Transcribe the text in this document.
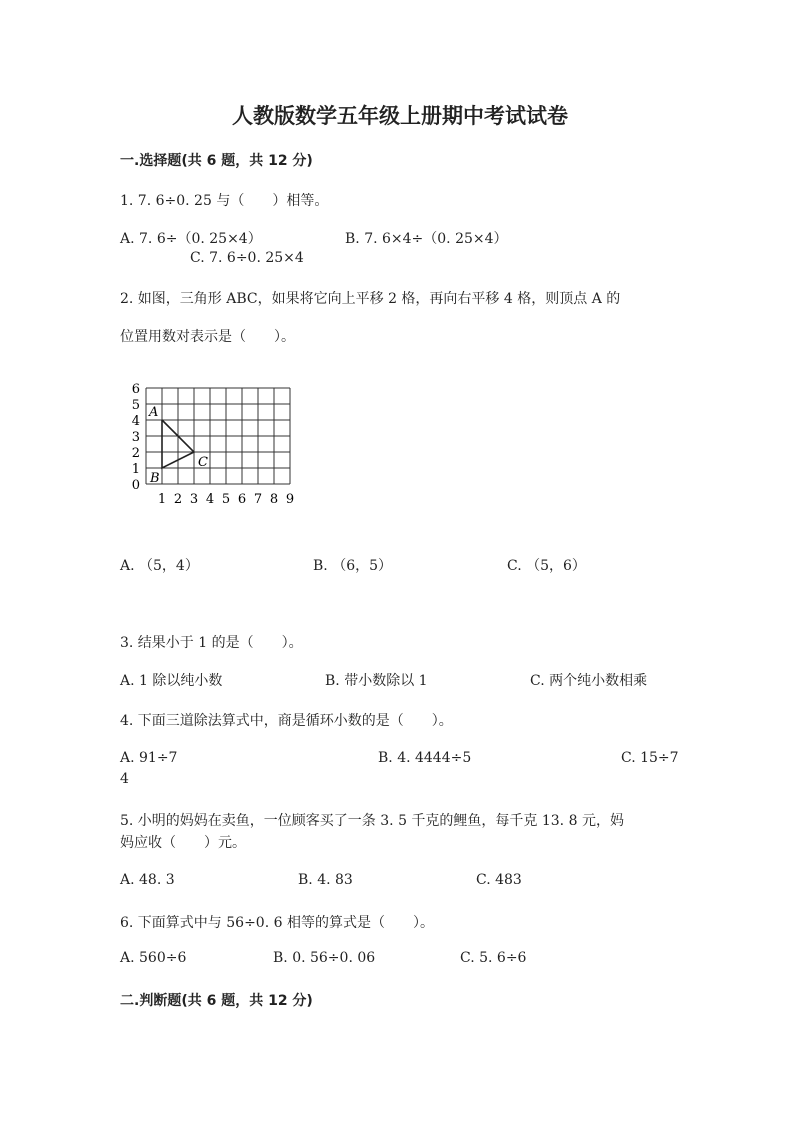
人教版数学五年级上册期中考试试卷
一.选择题(共 6 题，共 12 分)
1. 7. 6÷0. 25 与（　　）相等。
A. 7. 6÷（0. 25×4）	B. 7. 6×4÷（0. 25×4）
C. 7. 6÷0. 25×4
2. 如图，三角形 ABC，如果将它向上平移 2 格，再向右平移 4 格，则顶点 A 的
位置用数对表示是（　　）。
1 2 3 4 5 6 7 8 9
0
1
2
3
4
5
6
A
B
C
A. （5，4）	B. （6，5）	C. （5，6）
3. 结果小于 1 的是（　　）。
A. 1 除以纯小数	B. 带小数除以 1	C. 两个纯小数相乘
4. 下面三道除法算式中，商是循环小数的是（　　）。
A. 91÷7	B. 4. 4444÷5	C. 15÷7
4
5. 小明的妈妈在卖鱼，一位顾客买了一条 3. 5 千克的鲤鱼，每千克 13. 8 元，妈
妈应收（　　）元。
A. 48. 3	B. 4. 83	C. 483
6. 下面算式中与 56÷0. 6 相等的算式是（　　）。
A. 560÷6	B. 0. 56÷0. 06	C. 5. 6÷6
二.判断题(共 6 题，共 12 分)
